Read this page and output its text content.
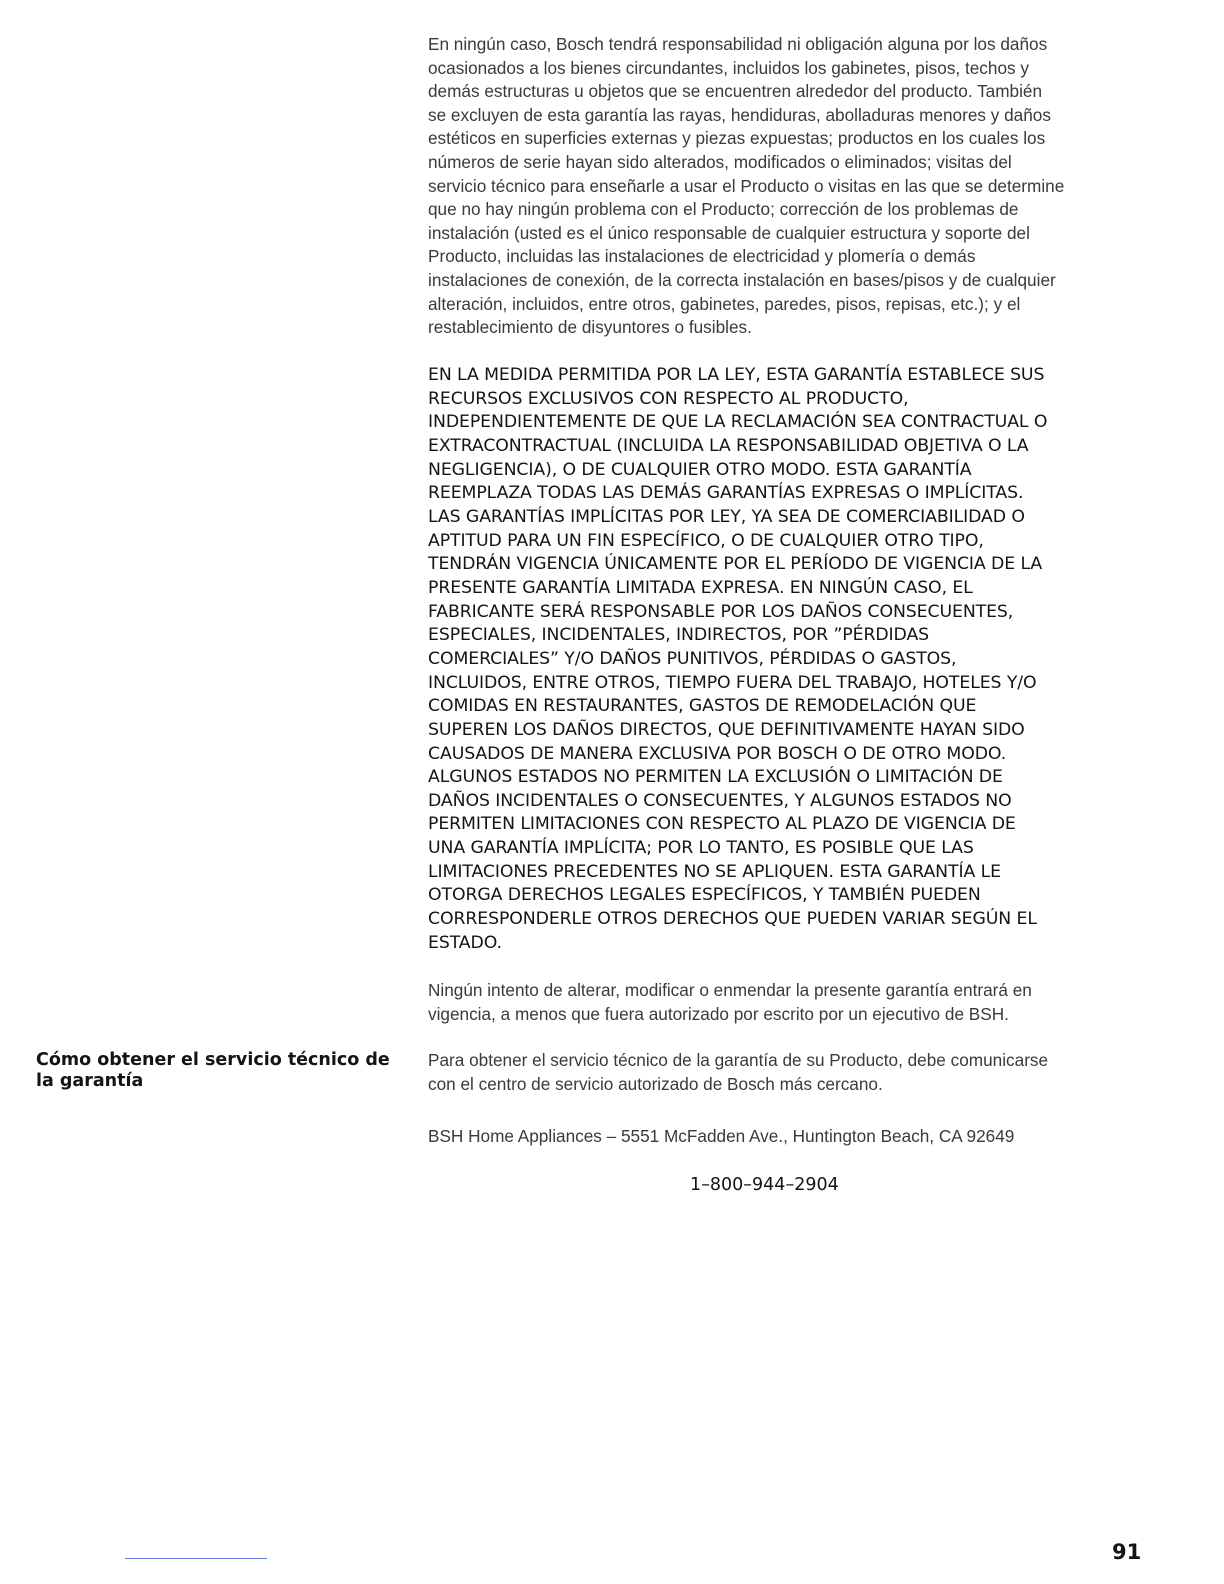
En ningún caso, Bosch tendrá responsabilidad ni obligación alguna por los daños
ocasionados a los bienes circundantes, incluidos los gabinetes, pisos, techos y
demás estructuras u objetos que se encuentren alrededor del producto. También
se excluyen de esta garantía las rayas, hendiduras, abolladuras menores y daños
estéticos en superficies externas y piezas expuestas; productos en los cuales los
números de serie hayan sido alterados, modificados o eliminados; visitas del
servicio técnico para enseñarle a usar el Producto o visitas en las que se determine
que no hay ningún problema con el Producto; corrección de los problemas de
instalación (usted es el único responsable de cualquier estructura y soporte del
Producto, incluidas las instalaciones de electricidad y plomería o demás
instalaciones de conexión, de la correcta instalación en bases/pisos y de cualquier
alteración, incluidos, entre otros, gabinetes, paredes, pisos, repisas, etc.); y el
restablecimiento de disyuntores o fusibles.

EN LA MEDIDA PERMITIDA POR LA LEY, ESTA GARANTÍA ESTABLECE SUS
RECURSOS EXCLUSIVOS CON RESPECTO AL PRODUCTO,
INDEPENDIENTEMENTE DE QUE LA RECLAMACIÓN SEA CONTRACTUAL O
EXTRACONTRACTUAL (INCLUIDA LA RESPONSABILIDAD OBJETIVA O LA
NEGLIGENCIA), O DE CUALQUIER OTRO MODO. ESTA GARANTÍA
REEMPLAZA TODAS LAS DEMÁS GARANTÍAS EXPRESAS O IMPLÍCITAS.
LAS GARANTÍAS IMPLÍCITAS POR LEY, YA SEA DE COMERCIABILIDAD O
APTITUD PARA UN FIN ESPECÍFICO, O DE CUALQUIER OTRO TIPO,
TENDRÁN VIGENCIA ÚNICAMENTE POR EL PERÍODO DE VIGENCIA DE LA
PRESENTE GARANTÍA LIMITADA EXPRESA. EN NINGÚN CASO, EL
FABRICANTE SERÁ RESPONSABLE POR LOS DAÑOS CONSECUENTES,
ESPECIALES, INCIDENTALES, INDIRECTOS, POR ”PÉRDIDAS
COMERCIALES” Y/O DAÑOS PUNITIVOS, PÉRDIDAS O GASTOS,
INCLUIDOS, ENTRE OTROS, TIEMPO FUERA DEL TRABAJO, HOTELES Y/O
COMIDAS EN RESTAURANTES, GASTOS DE REMODELACIÓN QUE
SUPEREN LOS DAÑOS DIRECTOS, QUE DEFINITIVAMENTE HAYAN SIDO
CAUSADOS DE MANERA EXCLUSIVA POR BOSCH O DE OTRO MODO.
ALGUNOS ESTADOS NO PERMITEN LA EXCLUSIÓN O LIMITACIÓN DE
DAÑOS INCIDENTALES O CONSECUENTES, Y ALGUNOS ESTADOS NO
PERMITEN LIMITACIONES CON RESPECTO AL PLAZO DE VIGENCIA DE
UNA GARANTÍA IMPLÍCITA; POR LO TANTO, ES POSIBLE QUE LAS
LIMITACIONES PRECEDENTES NO SE APLIQUEN. ESTA GARANTÍA LE
OTORGA DERECHOS LEGALES ESPECÍFICOS, Y TAMBIÉN PUEDEN
CORRESPONDERLE OTROS DERECHOS QUE PUEDEN VARIAR SEGÚN EL
ESTADO.

Ningún intento de alterar, modificar o enmendar la presente garantía entrará en
vigencia, a menos que fuera autorizado por escrito por un ejecutivo de BSH.

Para obtener el servicio técnico de la garantía de su Producto, debe comunicarse
con el centro de servicio autorizado de Bosch más cercano.

BSH Home Appliances – 5551 McFadden Ave., Huntington Beach, CA 92649

1–800–944–2904
Cómo obtener el servicio técnico de
la garantía
91
